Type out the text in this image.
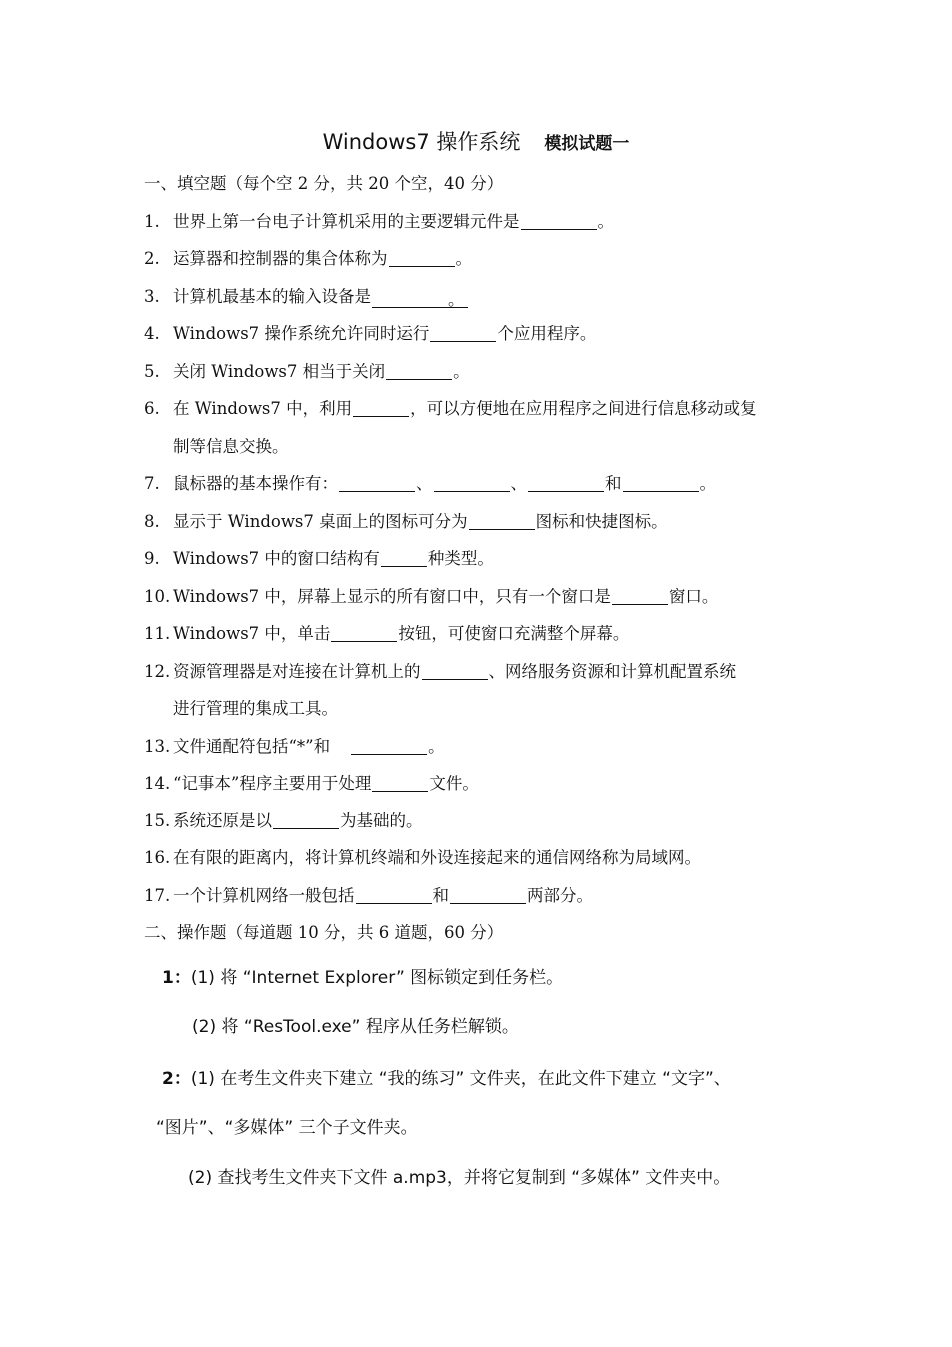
Windows7 操作系统 模拟试题一
一、填空题（每个空 2 分，共 20 个空，40 分）
1. 世界上第一台电子计算机采用的主要逻辑元件是	。
2. 运算器和控制器的集合体称为	。
3. 计算机最基本的输入设备是	。
4. Windows7 操作系统允许同时运行	个应用程序。
5. 关闭 Windows7 相当于关闭	。
6. 在 Windows7 中，利用	，可以方便地在应用程序之间进行信息移动或复
制等信息交换。
7. 鼠标器的基本操作有：	、	、	和	。
8. 显示于 Windows7 桌面上的图标可分为	图标和快捷图标。
9. Windows7 中的窗口结构有	种类型。
10. Windows7 中，屏幕上显示的所有窗口中，只有一个窗口是	窗口。
11. Windows7 中，单击	按钮，可使窗口充满整个屏幕。
12. 资源管理器是对连接在计算机上的	、网络服务资源和计算机配置系统
进行管理的集成工具。
13. 文件通配符包括“*”和	。
14. “记事本”程序主要用于处理	文件。
15. 系统还原是以	为基础的。
16. 在有限的距离内，将计算机终端和外设连接起来的通信网络称为局域网。
17. 一个计算机网络一般包括	和	两部分。
二、操作题（每道题 10 分，共 6 道题，60 分）
1：(1) 将 “Internet Explorer” 图标锁定到任务栏。
(2) 将 “ResTool.exe” 程序从任务栏解锁。
2：(1) 在考生文件夹下建立 “我的练习” 文件夹，在此文件下建立 “文字”、
“图片”、“多媒体” 三个子文件夹。
(2) 查找考生文件夹下文件 a.mp3，并将它复制到 “多媒体” 文件夹中。
